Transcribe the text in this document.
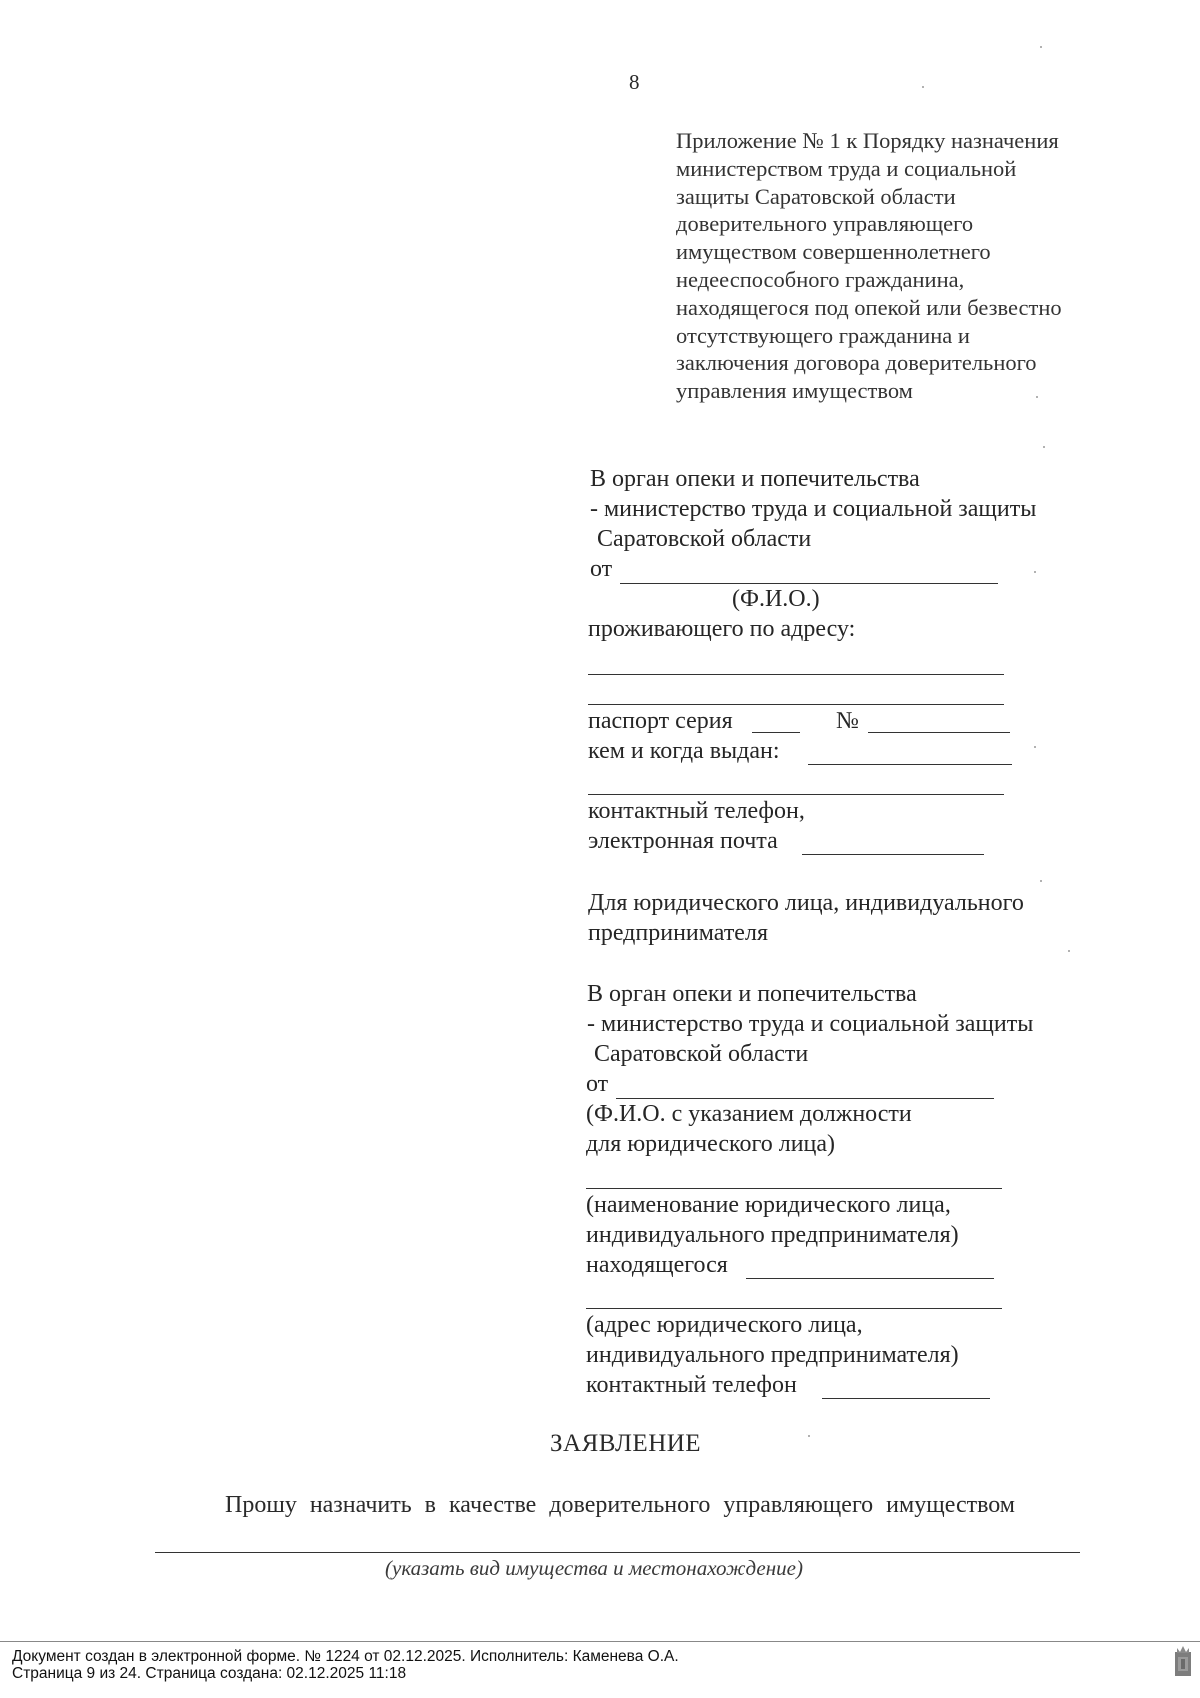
8
Приложение № 1 к Порядку назначения
министерством труда и социальной
защиты Саратовской области
доверительного управляющего
имуществом совершеннолетнего
недееспособного гражданина,
находящегося под опекой или безвестно
отсутствующего гражданина и
заключения договора доверительного
управления имуществом
В орган опеки и попечительства
- министерство труда и социальной защиты
Саратовской области
от
(Ф.И.О.)
проживающего по адресу:
паспорт серия	№
кем и когда выдан:
контактный телефон,
электронная почта
Для юридического лица, индивидуального
предпринимателя
В орган опеки и попечительства
- министерство труда и социальной защиты
Саратовской области
от
(Ф.И.О. с указанием должности
для юридического лица)
(наименование юридического лица,
индивидуального предпринимателя)
находящегося
(адрес юридического лица,
индивидуального предпринимателя)
контактный телефон
ЗАЯВЛЕНИЕ
Прошу назначить в качестве доверительного управляющего имуществом
(указать вид имущества и местонахождение)
Документ создан в электронной форме. № 1224 от 02.12.2025. Исполнитель: Каменева О.А.
Страница 9 из 24. Страница создана: 02.12.2025 11:18
